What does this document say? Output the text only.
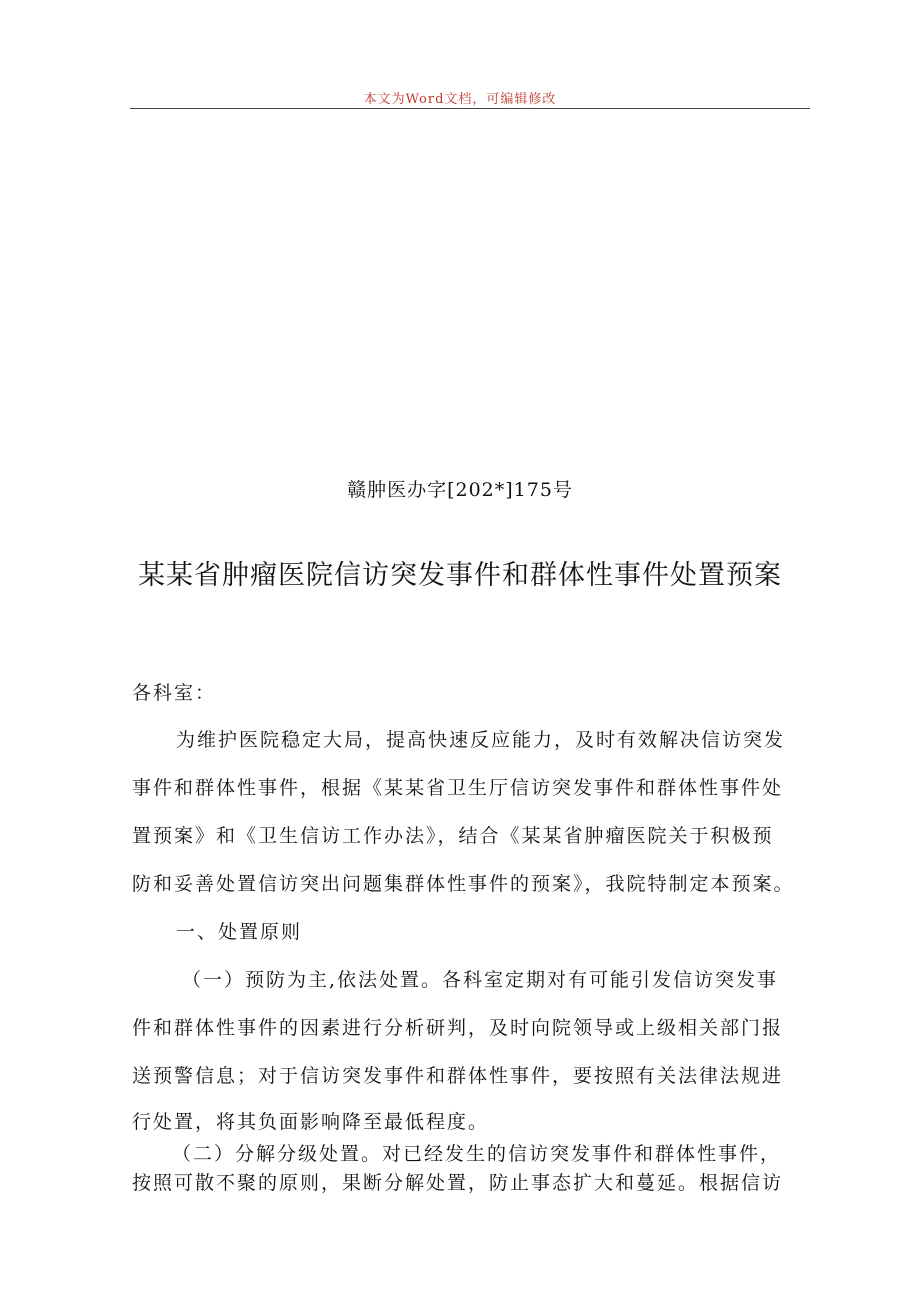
本文为Word文档，可编辑修改
赣肿医办字[202*]175号
某某省肿瘤医院信访突发事件和群体性事件处置预案
各科室：
为维护医院稳定大局，提高快速反应能力，及时有效解决信访突发
事件和群体性事件，根据《某某省卫生厅信访突发事件和群体性事件处
置预案》和《卫生信访工作办法》，结合《某某省肿瘤医院关于积极预
防和妥善处置信访突出问题集群体性事件的预案》，我院特制定本预案。
一、处置原则
（一）预防为主,依法处置。各科室定期对有可能引发信访突发事
件和群体性事件的因素进行分析研判，及时向院领导或上级相关部门报
送预警信息；对于信访突发事件和群体性事件，要按照有关法律法规进
行处置，将其负面影响降至最低程度。
（二）分解分级处置。对已经发生的信访突发事件和群体性事件，
按照可散不聚的原则，果断分解处置，防止事态扩大和蔓延。根据信访
